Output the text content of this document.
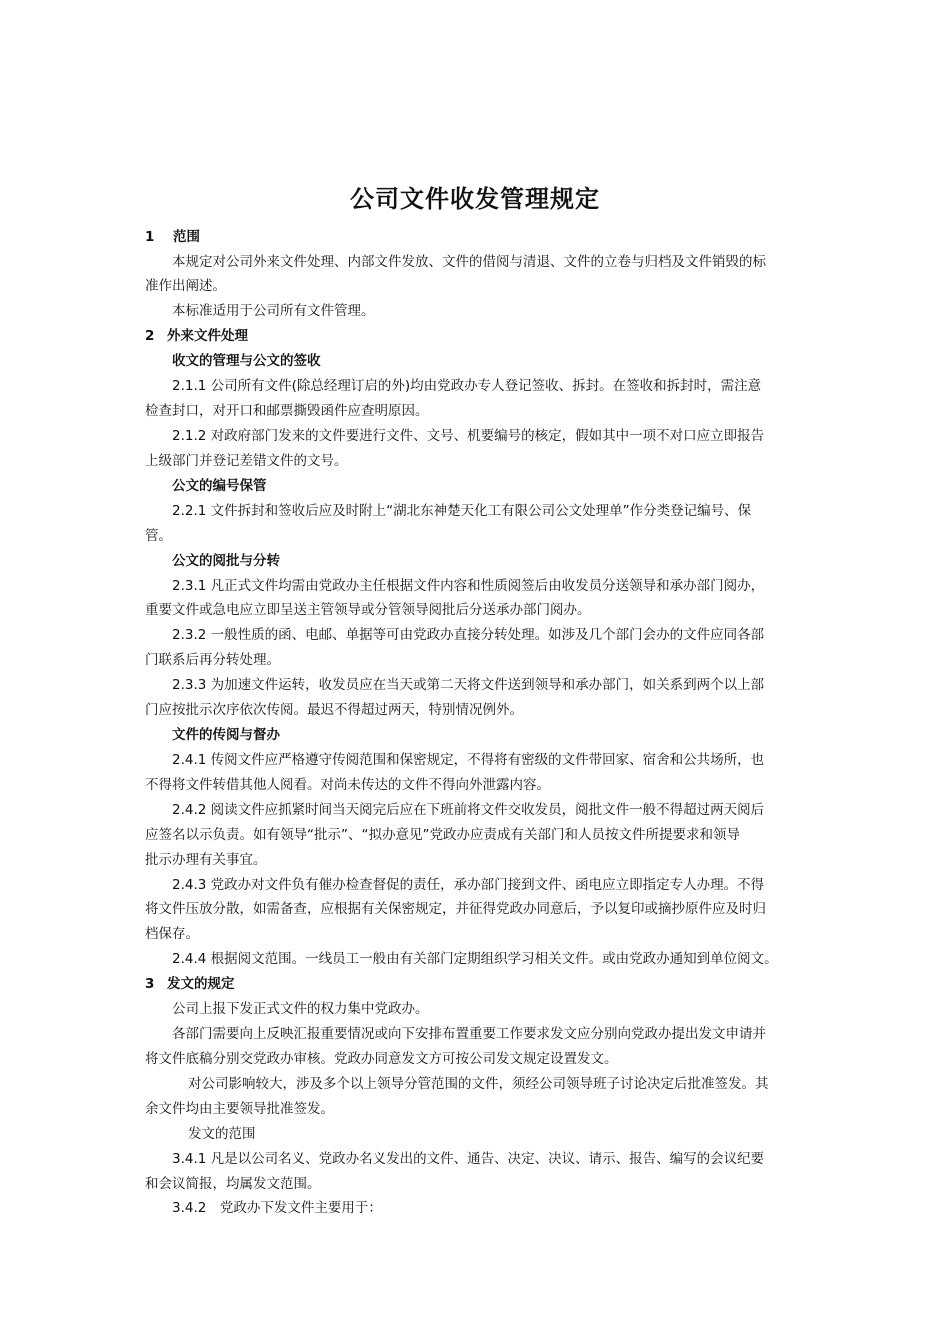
公司文件收发管理规定
1 范围
本规定对公司外来文件处理、内部文件发放、文件的借阅与清退、文件的立卷与归档及文件销毁的标
准作出阐述。
本标准适用于公司所有文件管理。
2 外来文件处理
收文的管理与公文的签收
2.1.1 公司所有文件(除总经理订启的外)均由党政办专人登记签收、拆封。在签收和拆封时，需注意
检查封口，对开口和邮票撕毁函件应查明原因。
2.1.2 对政府部门发来的文件要进行文件、文号、机要编号的核定，假如其中一项不对口应立即报告
上级部门并登记差错文件的文号。
公文的编号保管
2.2.1 文件拆封和签收后应及时附上“湖北东神楚天化工有限公司公文处理单”作分类登记编号、保
管。
公文的阅批与分转
2.3.1 凡正式文件均需由党政办主任根据文件内容和性质阅签后由收发员分送领导和承办部门阅办，
重要文件或急电应立即呈送主管领导或分管领导阅批后分送承办部门阅办。
2.3.2 一般性质的函、电邮、单据等可由党政办直接分转处理。如涉及几个部门会办的文件应同各部
门联系后再分转处理。
2.3.3 为加速文件运转，收发员应在当天或第二天将文件送到领导和承办部门，如关系到两个以上部
门应按批示次序依次传阅。最迟不得超过两天，特别情况例外。
文件的传阅与督办
2.4.1 传阅文件应严格遵守传阅范围和保密规定，不得将有密级的文件带回家、宿舍和公共场所，也
不得将文件转借其他人阅看。对尚未传达的文件不得向外泄露内容。
2.4.2 阅读文件应抓紧时间当天阅完后应在下班前将文件交收发员，阅批文件一般不得超过两天阅后
应签名以示负责。如有领导“批示”、“拟办意见”党政办应责成有关部门和人员按文件所提要求和领导
批示办理有关事宜。
2.4.3 党政办对文件负有催办检查督促的责任，承办部门接到文件、函电应立即指定专人办理。不得
将文件压放分散，如需备查，应根据有关保密规定，并征得党政办同意后，予以复印或摘抄原件应及时归
档保存。
2.4.4 根据阅文范围。一线员工一般由有关部门定期组织学习相关文件。或由党政办通知到单位阅文。
3 发文的规定
公司上报下发正式文件的权力集中党政办。
各部门需要向上反映汇报重要情况或向下安排布置重要工作要求发文应分别向党政办提出发文申请并
将文件底稿分别交党政办审核。党政办同意发文方可按公司发文规定设置发文。
对公司影响较大，涉及多个以上领导分管范围的文件，须经公司领导班子讨论决定后批准签发。其
余文件均由主要领导批准签发。
发文的范围
3.4.1 凡是以公司名义、党政办名义发出的文件、通告、决定、决议、请示、报告、编写的会议纪要
和会议简报，均属发文范围。
3.4.2　党政办下发文件主要用于：
